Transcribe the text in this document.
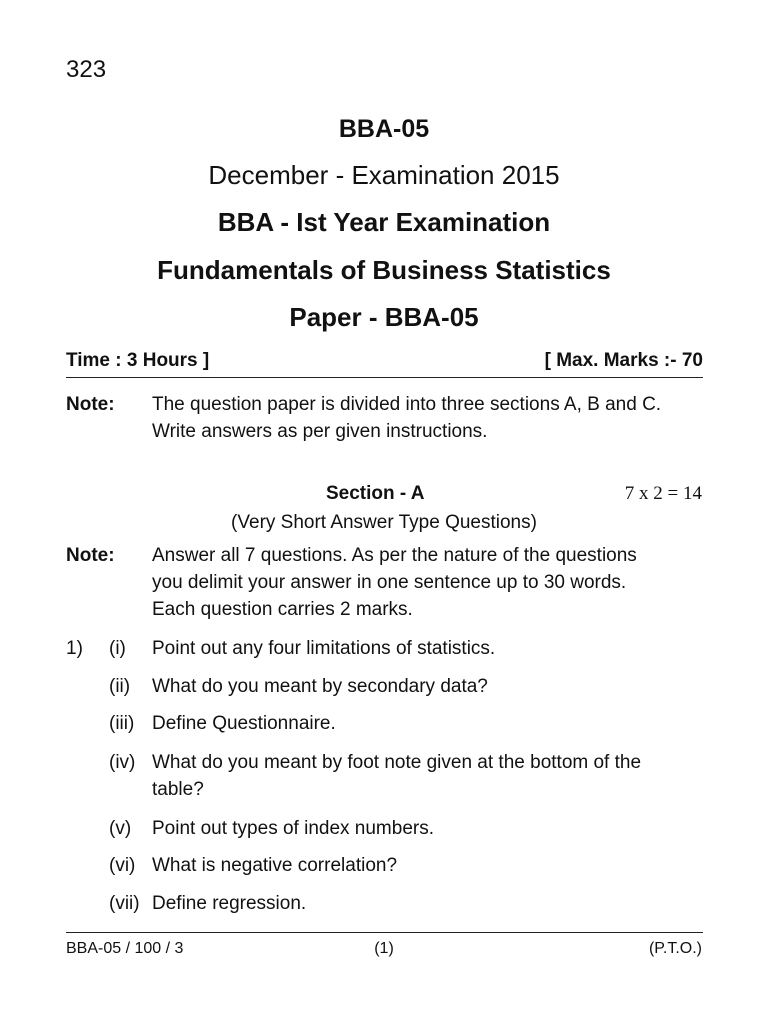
323
BBA-05
December - Examination 2015
BBA - Ist Year Examination
Fundamentals of Business Statistics
Paper - BBA-05
Time : 3 Hours ]	[ Max. Marks :- 70
Note: The question paper is divided into three sections A, B and C. Write answers as per given instructions.
Section - A	7 x 2 = 14
(Very Short Answer Type Questions)
Note: Answer all 7 questions. As per the nature of the questions you delimit your answer in one sentence up to 30 words. Each question carries 2 marks.
1) (i) Point out any four limitations of statistics.
(ii) What do you meant by secondary data?
(iii) Define Questionnaire.
(iv) What do you meant by foot note given at the bottom of the table?
(v) Point out types of index numbers.
(vi) What is negative correlation?
(vii) Define regression.
BBA-05 / 100 / 3	(1)	(P.T.O.)
